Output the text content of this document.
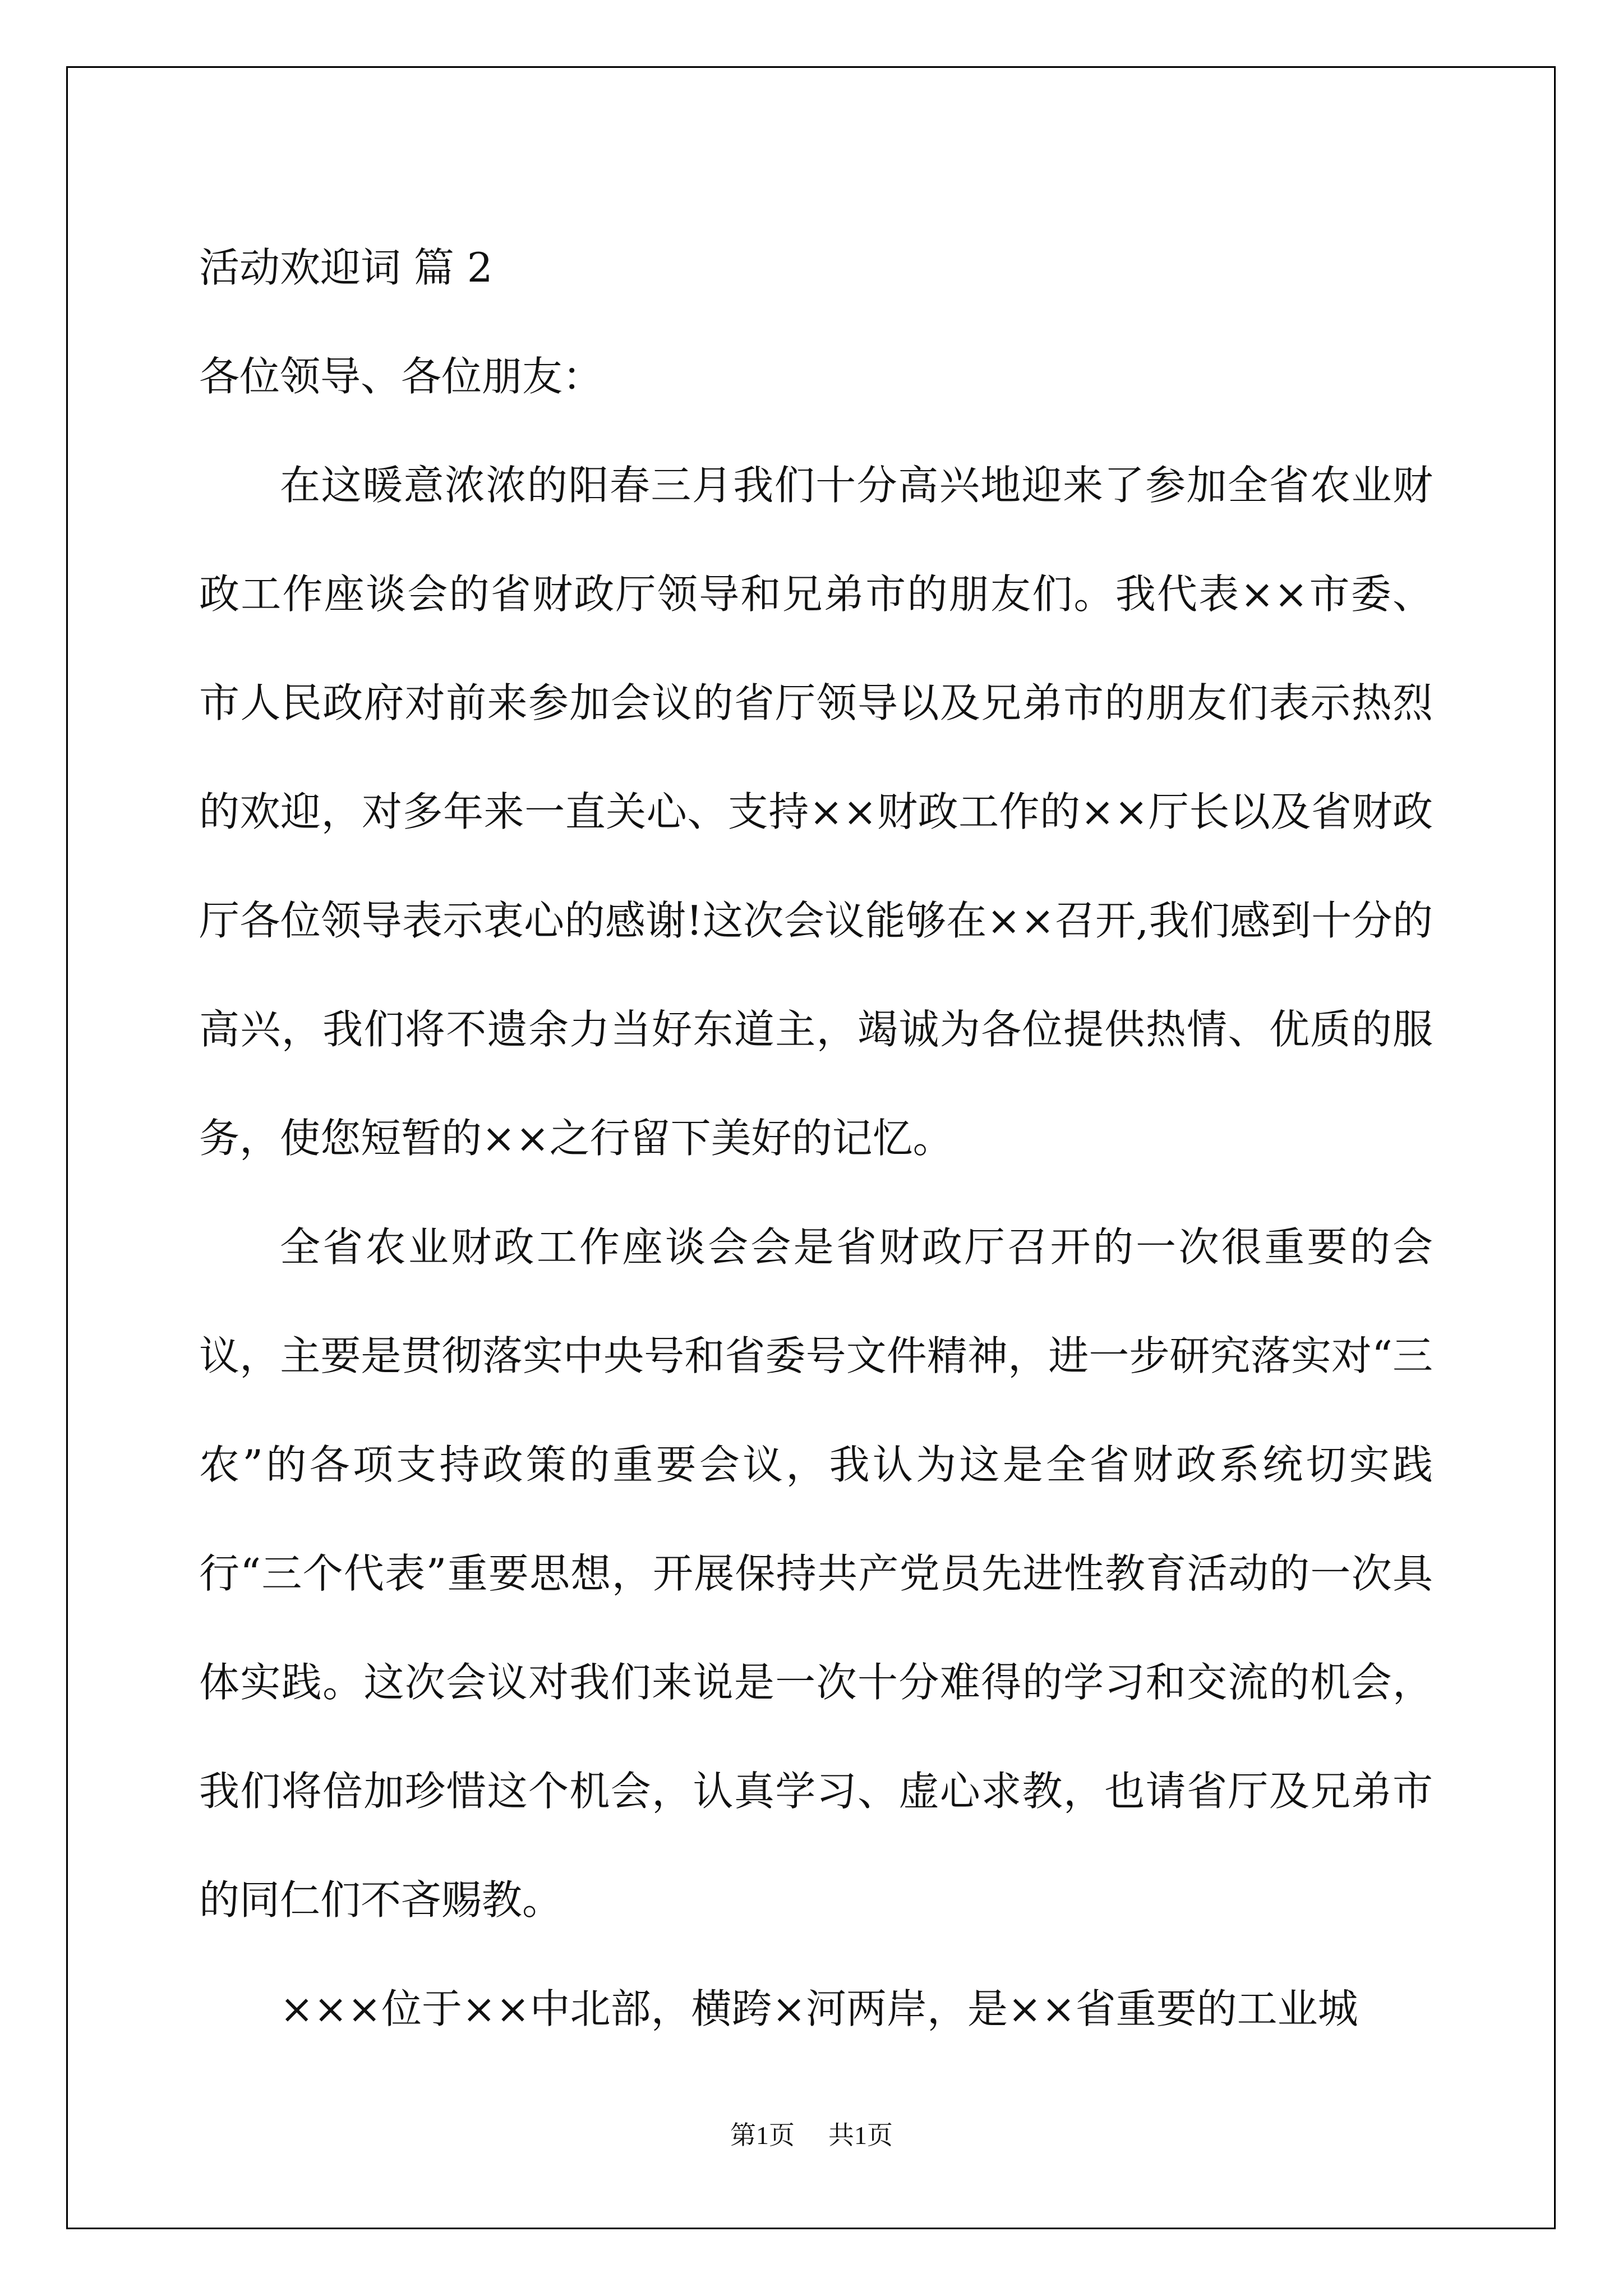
活动欢迎词 篇 2

各位领导、各位朋友：

在这暖意浓浓的阳春三月我们十分高兴地迎来了参加全省农业财政工作座谈会的省财政厅领导和兄弟市的朋友们。我代表××市委、市人民政府对前来参加会议的省厅领导以及兄弟市的朋友们表示热烈的欢迎，对多年来一直关心、支持××财政工作的××厅长以及省财政厅各位领导表示衷心的感谢!这次会议能够在××召开,我们感到十分的高兴，我们将不遗余力当好东道主，竭诚为各位提供热情、优质的服务，使您短暂的××之行留下美好的记忆。

全省农业财政工作座谈会会是省财政厅召开的一次很重要的会议，主要是贯彻落实中央号和省委号文件精神，进一步研究落实对“三农”的各项支持政策的重要会议，我认为这是全省财政系统切实践行“三个代表”重要思想，开展保持共产党员先进性教育活动的一次具体实践。这次会议对我们来说是一次十分难得的学习和交流的机会，我们将倍加珍惜这个机会，认真学习、虚心求教，也请省厅及兄弟市的同仁们不吝赐教。

×××位于××中北部，横跨×河两岸，是××省重要的工业城

第1页 共1页
